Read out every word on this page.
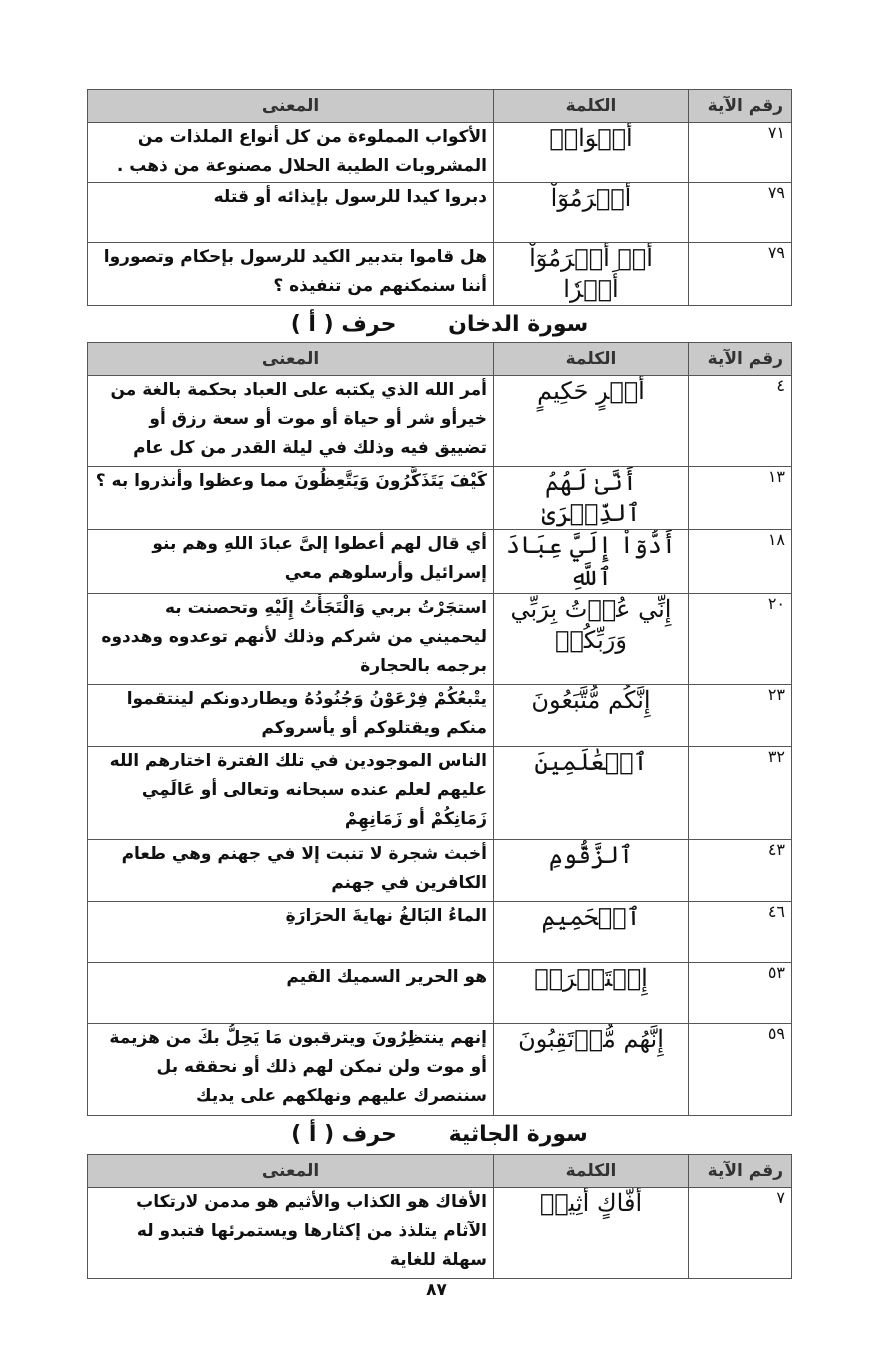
رقم الآية	الكلمة	المعنى
٧١	أَكۡوَابٖ	الأكواب المملوءة من كل أنواع الملذات من المشروبات الطيبة الحلال مصنوعة من ذهب .
٧٩	أَبۡرَمُوٓاْ	دبروا كيدا للرسول بإيذائه أو قتله
٧٩	أَمۡ أَبۡرَمُوٓاْ أَمۡرٗا	هل قاموا بتدبير الكيد للرسول بإحكام وتصوروا أننا سنمكنهم من تنفيذه ؟
سورة الدخان حرف ( أ )
رقم الآية	الكلمة	المعنى
٤	أَمۡرٍ حَكِيمٍ	أمر الله الذي يكتبه على العباد بحكمة بالغة من خيرأو شر أو حياة أو موت أو سعة رزق أو تضييق فيه وذلك في ليلة القدر من كل عام
١٣	أَنَّىٰ لَهُمُ ٱلذِّكۡرَىٰ	كَيْفَ يَتَذَكَّرُونَ وَيَتَّعِظُونَ مما وعظوا وأنذروا به ؟
١٨	أَدُّوٓاْ إِلَيَّ عِبَادَ ٱللَّهِ	أي قال لهم أعطوا إلىَّ عبادَ اللهِ وهم بنو إسرائيل وأرسلوهم معي
٢٠	إِنِّي عُذۡتُ بِرَبِّي وَرَبِّكُمۡ	استجَرْتُ بربي وَالْتَجَأْتُ إِلَيْهِ وتحصنت به ليحميني من شركم وذلك لأنهم توعدوه وهددوه برجمه بالحجارة
٢٣	إِنَّكُم مُّتَّبَعُونَ	يتْبعُكُمْ فِرْعَوْنُ وَجُنُودُهُ ويطاردونكم لينتقموا منكم ويقتلوكم أو يأسروكم
٣٢	ٱلۡعَٰلَمِينَ	الناس الموجودين في تلك الفترة اختارهم الله عليهم لعلم عنده سبحانه وتعالى أو عَالَمِي زَمَانِكُمْ أو زَمَانِهِمْ
٤٣	ٱلزَّقُّومِ	أخبث شجرة لا تنبت إلا في جهنم وهي طعام الكافرين في جهنم
٤٦	ٱلۡحَمِيمِ	الماءُ البَالغُ نهايةَ الحرَارَةِ
٥٣	إِسۡتَبۡرَقٖ	هو الحرير السميك القيم
٥٩	إِنَّهُم مُّرۡتَقِبُونَ	إنهم ينتظِرُونَ ويترقبون مَا يَحِلُّ بكَ من هزيمة أو موت ولن نمكن لهم ذلك أو نحققه بل سننصرك عليهم ونهلكهم على يديك
سورة الجاثية حرف ( أ )
رقم الآية	الكلمة	المعنى
٧	أَفَّاكٍ أَثِيمٖ	الأفاك هو الكذاب والأثيم هو مدمن لارتكاب الآثام يتلذذ من إكثارها ويستمرئها فتبدو له سهلة للغاية
٨٧
